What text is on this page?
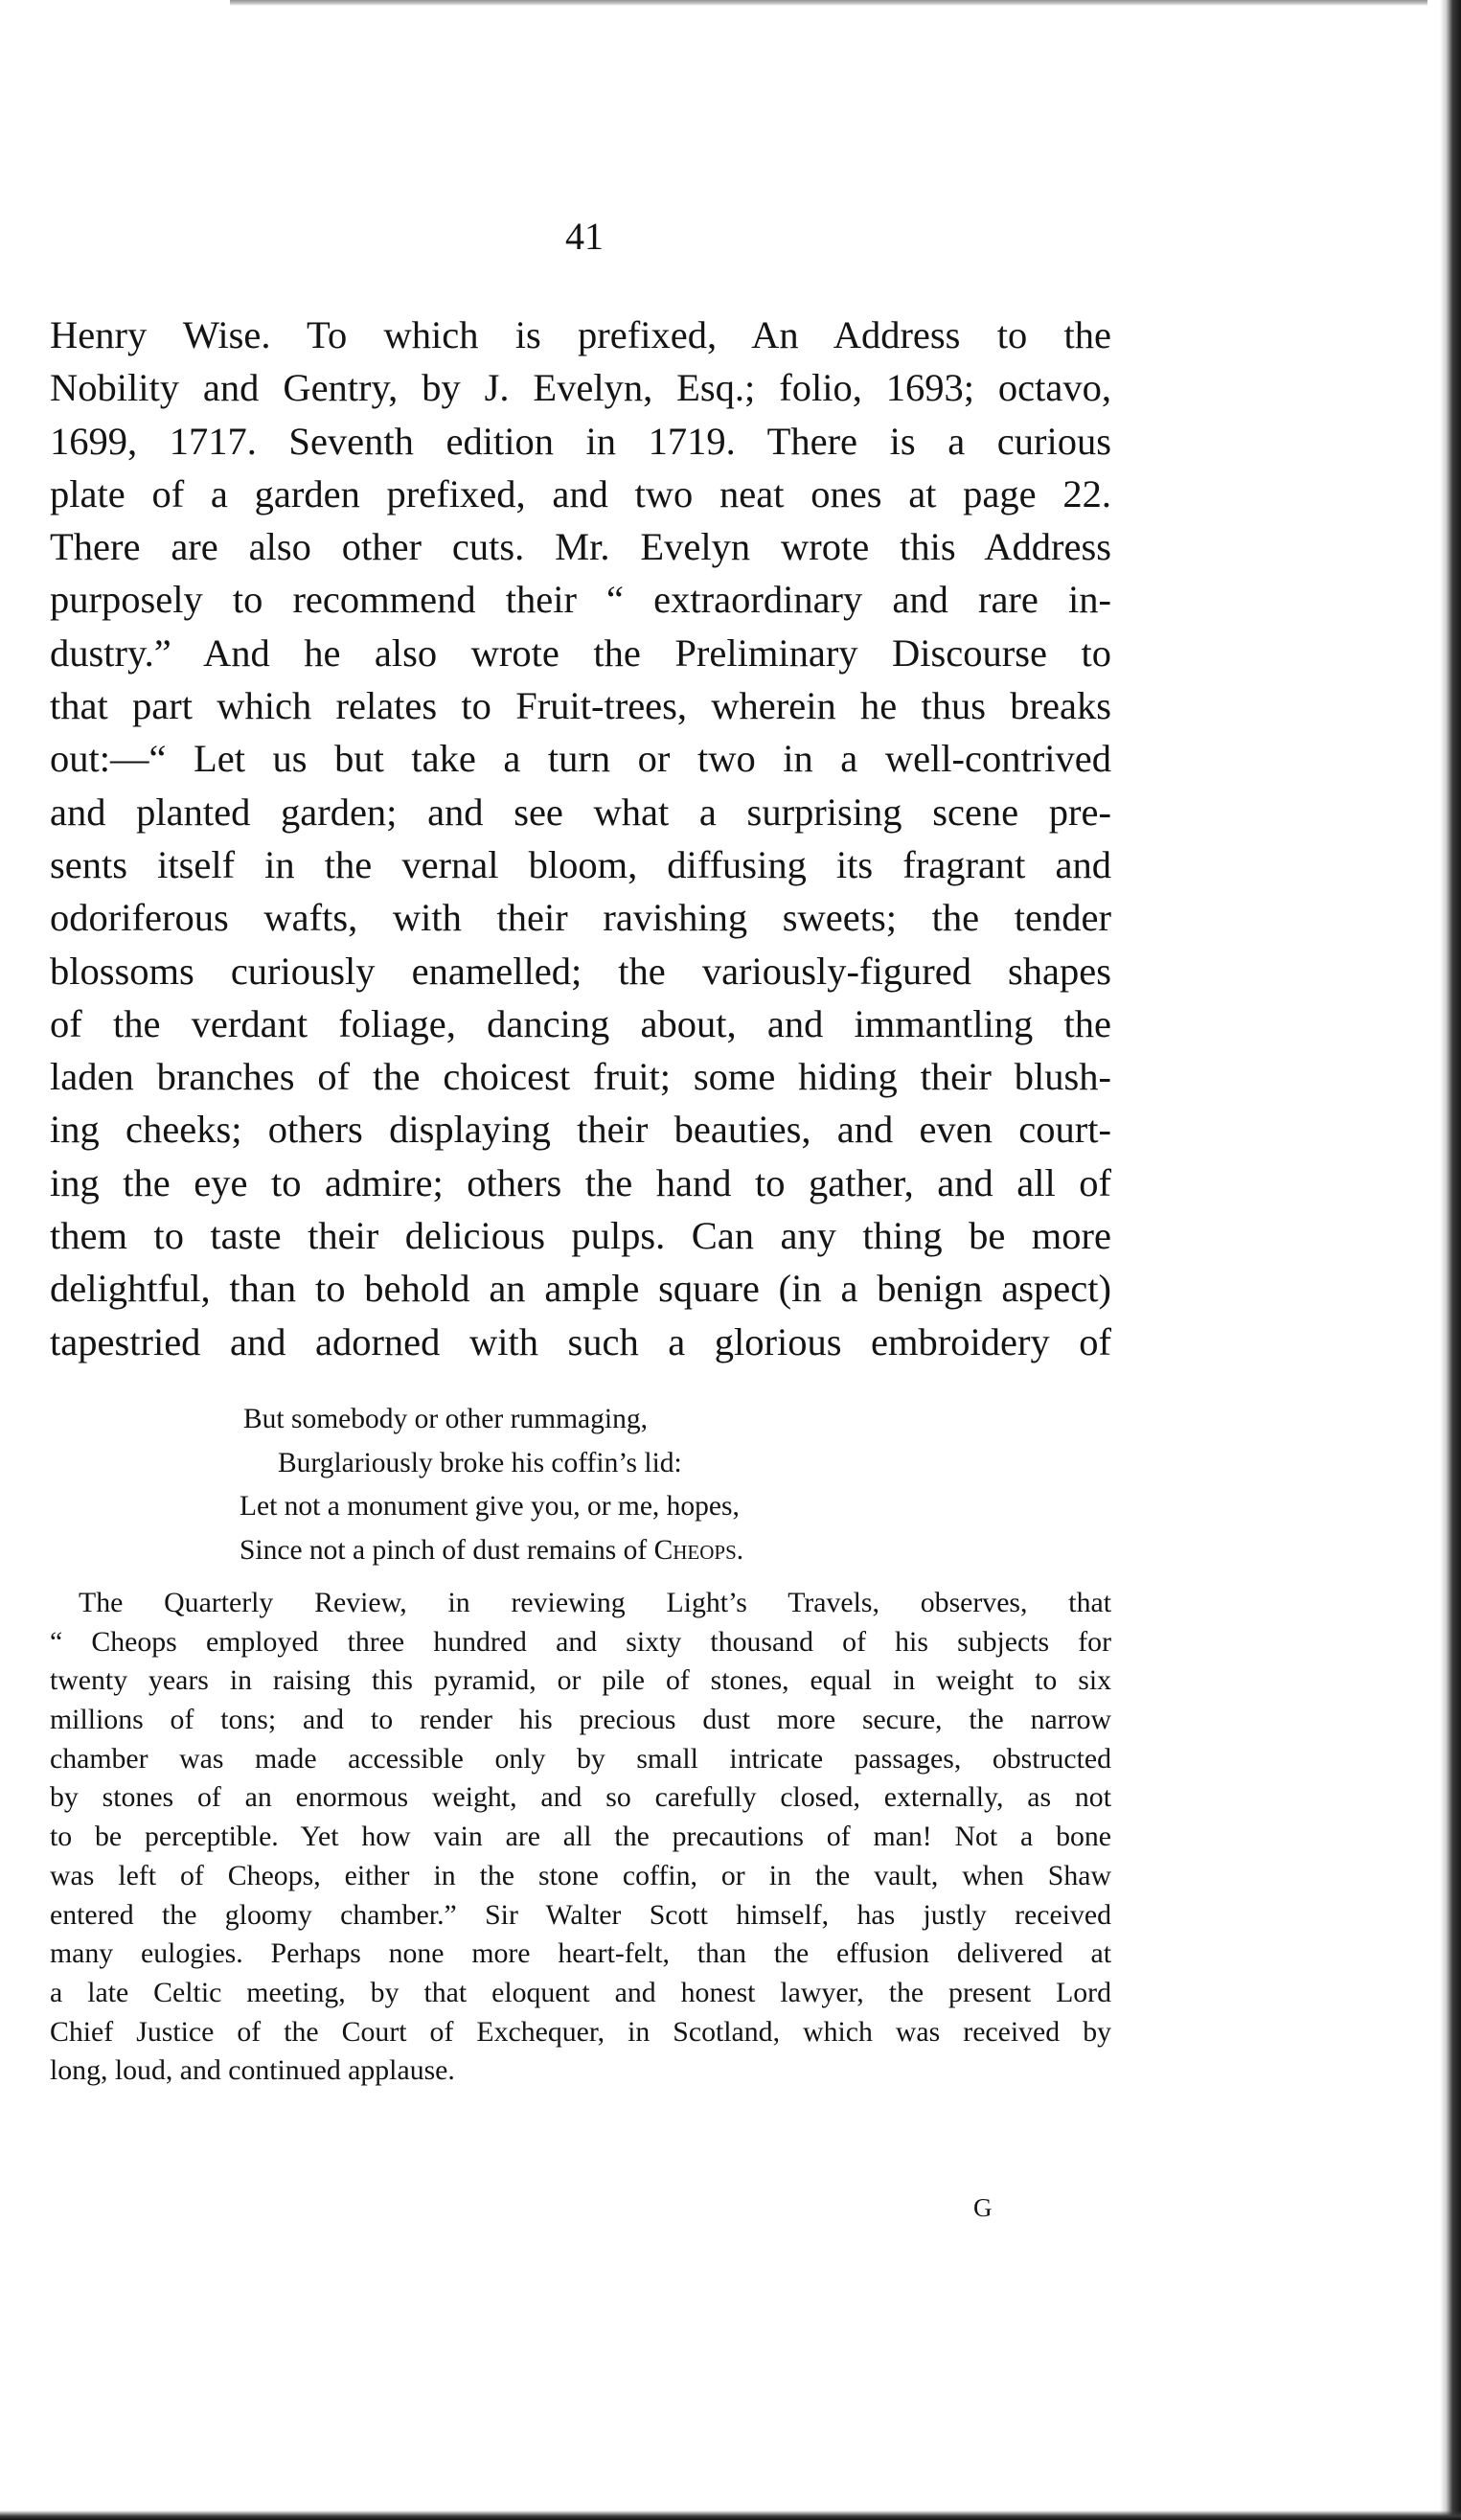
41
Henry Wise. To which is prefixed, An Address to the
Nobility and Gentry, by J. Evelyn, Esq.; folio, 1693; octavo,
1699, 1717. Seventh edition in 1719. There is a curious
plate of a garden prefixed, and two neat ones at page 22.
There are also other cuts. Mr. Evelyn wrote this Address
purposely to recommend their “ extraordinary and rare in-
dustry.” And he also wrote the Preliminary Discourse to
that part which relates to Fruit-trees, wherein he thus breaks
out:—“ Let us but take a turn or two in a well-contrived
and planted garden; and see what a surprising scene pre-
sents itself in the vernal bloom, diffusing its fragrant and
odoriferous wafts, with their ravishing sweets; the tender
blossoms curiously enamelled; the variously-figured shapes
of the verdant foliage, dancing about, and immantling the
laden branches of the choicest fruit; some hiding their blush-
ing cheeks; others displaying their beauties, and even court-
ing the eye to admire; others the hand to gather, and all of
them to taste their delicious pulps. Can any thing be more
delightful, than to behold an ample square (in a benign aspect)
tapestried and adorned with such a glorious embroidery of
But somebody or other rummaging,
Burglariously broke his coffin’s lid:
Let not a monument give you, or me, hopes,
Since not a pinch of dust remains of Cheops.
The Quarterly Review, in reviewing Light’s Travels, observes, that
“ Cheops employed three hundred and sixty thousand of his subjects for
twenty years in raising this pyramid, or pile of stones, equal in weight to six
millions of tons; and to render his precious dust more secure, the narrow
chamber was made accessible only by small intricate passages, obstructed
by stones of an enormous weight, and so carefully closed, externally, as not
to be perceptible. Yet how vain are all the precautions of man! Not a bone
was left of Cheops, either in the stone coffin, or in the vault, when Shaw
entered the gloomy chamber.” Sir Walter Scott himself, has justly received
many eulogies. Perhaps none more heart-felt, than the effusion delivered at
a late Celtic meeting, by that eloquent and honest lawyer, the present Lord
Chief Justice of the Court of Exchequer, in Scotland, which was received by
long, loud, and continued applause.
G
